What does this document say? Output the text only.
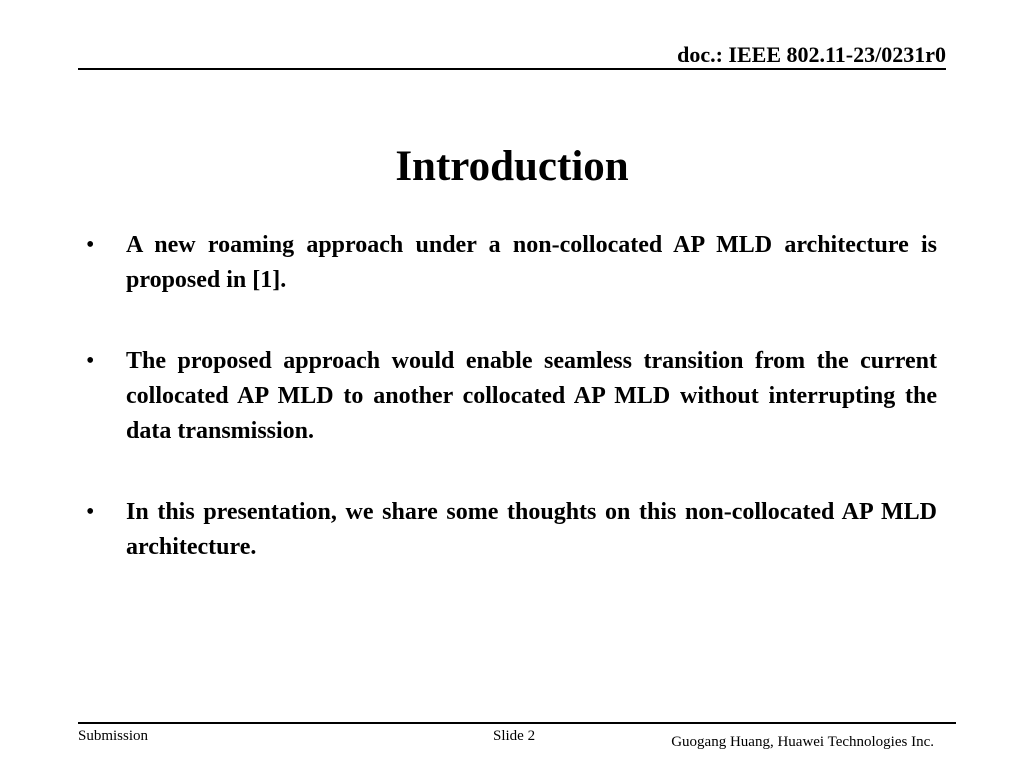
doc.: IEEE 802.11-23/0231r0
Introduction
• A new roaming approach under a non-collocated AP MLD architecture is proposed in [1].
• The proposed approach would enable seamless transition from the current collocated AP MLD to another collocated AP MLD without interrupting the data transmission.
• In this presentation, we share some thoughts on this non-collocated AP MLD architecture.
Submission	Slide 2	Guogang Huang, Huawei Technologies Inc.
